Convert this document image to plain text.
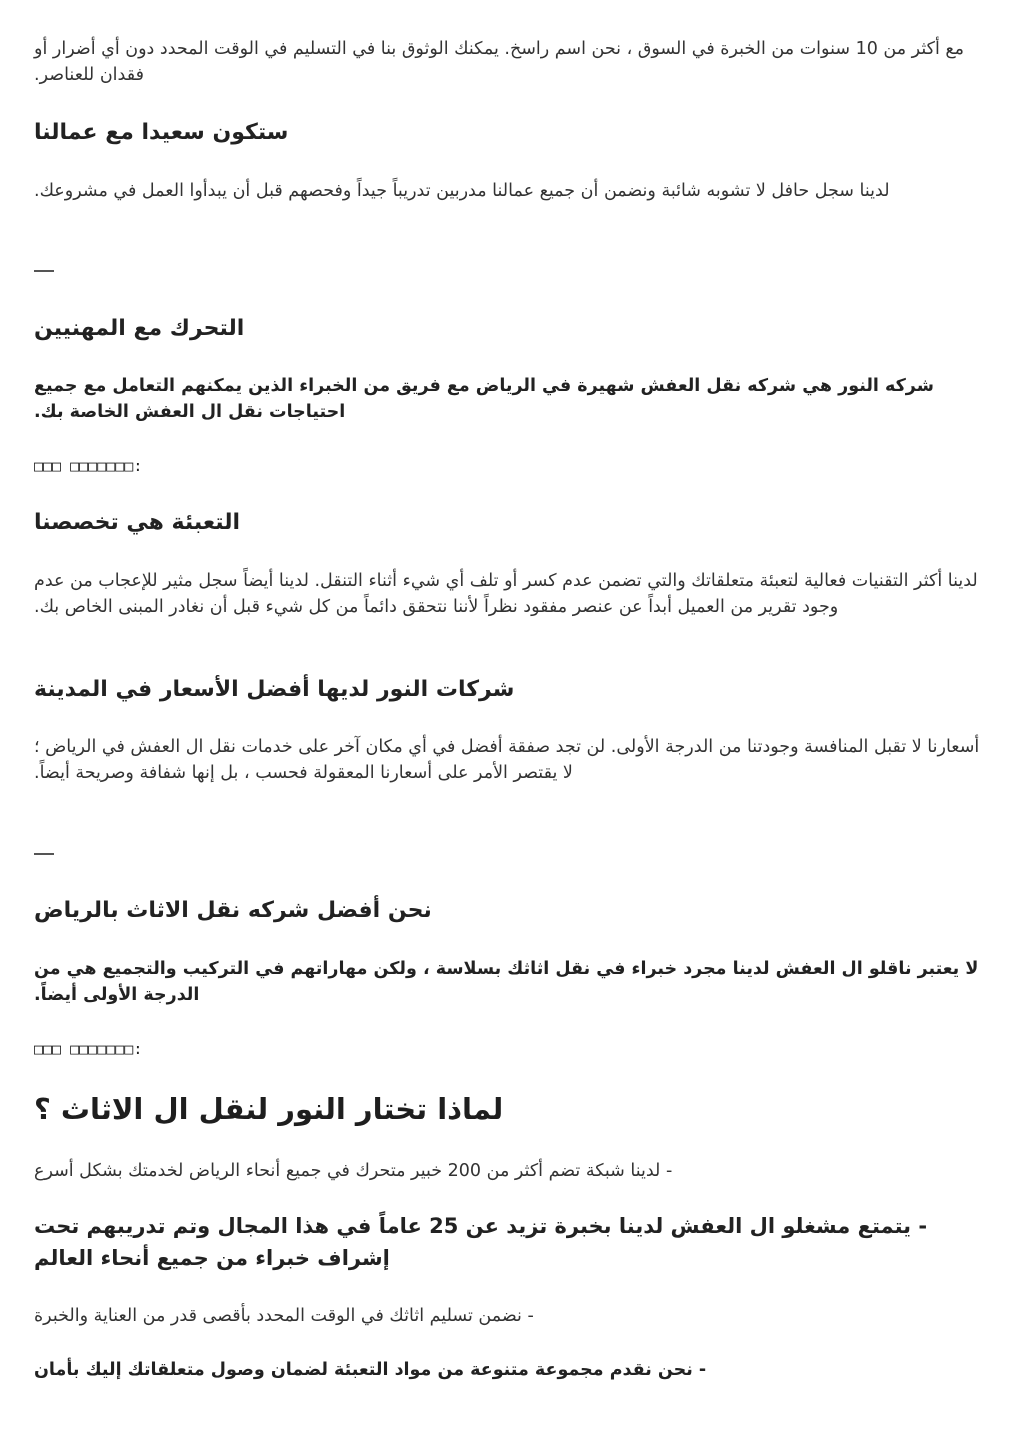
مع أكثر من 10 سنوات من الخبرة في السوق ، نحن اسم راسخ. يمكنك الوثوق بنا في التسليم في الوقت المحدد دون أي أضرار أو فقدان للعناصر.

ستكون سعيدا مع عمالنا

لدينا سجل حافل لا تشوبه شائبة ونضمن أن جميع عمالنا مدربين تدريباً جيداً وفحصهم قبل أن يبدأوا العمل في مشروعك.

التحرك مع المهنيين

شركه النور هي شركه نقل العفش شهيرة في الرياض مع فريق من الخبراء الذين يمكنهم التعامل مع جميع احتياجات نقل ال العفش الخاصة بك.

□□□ □□□□□□□:

التعبئة هي تخصصنا

لدينا أكثر التقنيات فعالية لتعبئة متعلقاتك والتي تضمن عدم كسر أو تلف أي شيء أثناء التنقل. لدينا أيضاً سجل مثير للإعجاب من عدم وجود تقرير من العميل أبداً عن عنصر مفقود نظراً لأننا نتحقق دائماً من كل شيء قبل أن نغادر المبنى الخاص بك.

شركات النور لديها أفضل الأسعار في المدينة

أسعارنا لا تقبل المنافسة وجودتنا من الدرجة الأولى. لن تجد صفقة أفضل في أي مكان آخر على خدمات نقل ال العفش في الرياض ؛ لا يقتصر الأمر على أسعارنا المعقولة فحسب ، بل إنها شفافة وصريحة أيضاً.

نحن أفضل شركه نقل الاثاث بالرياض

لا يعتبر ناقلو ال العفش لدينا مجرد خبراء في نقل اثاثك بسلاسة ، ولكن مهاراتهم في التركيب والتجميع هي من الدرجة الأولى أيضاً.

□□□ □□□□□□□:

لماذا تختار النور لنقل ال الاثاث ؟

- لدينا شبكة تضم أكثر من 200 خبير متحرك في جميع أنحاء الرياض لخدمتك بشكل أسرع

- يتمتع مشغلو ال العفش لدينا بخبرة تزيد عن 25 عاماً في هذا المجال وتم تدريبهم تحت إشراف خبراء من جميع أنحاء العالم

- نضمن تسليم اثاثك في الوقت المحدد بأقصى قدر من العناية والخبرة

- نحن نقدم مجموعة متنوعة من مواد التعبئة لضمان وصول متعلقاتك إليك بأمان
